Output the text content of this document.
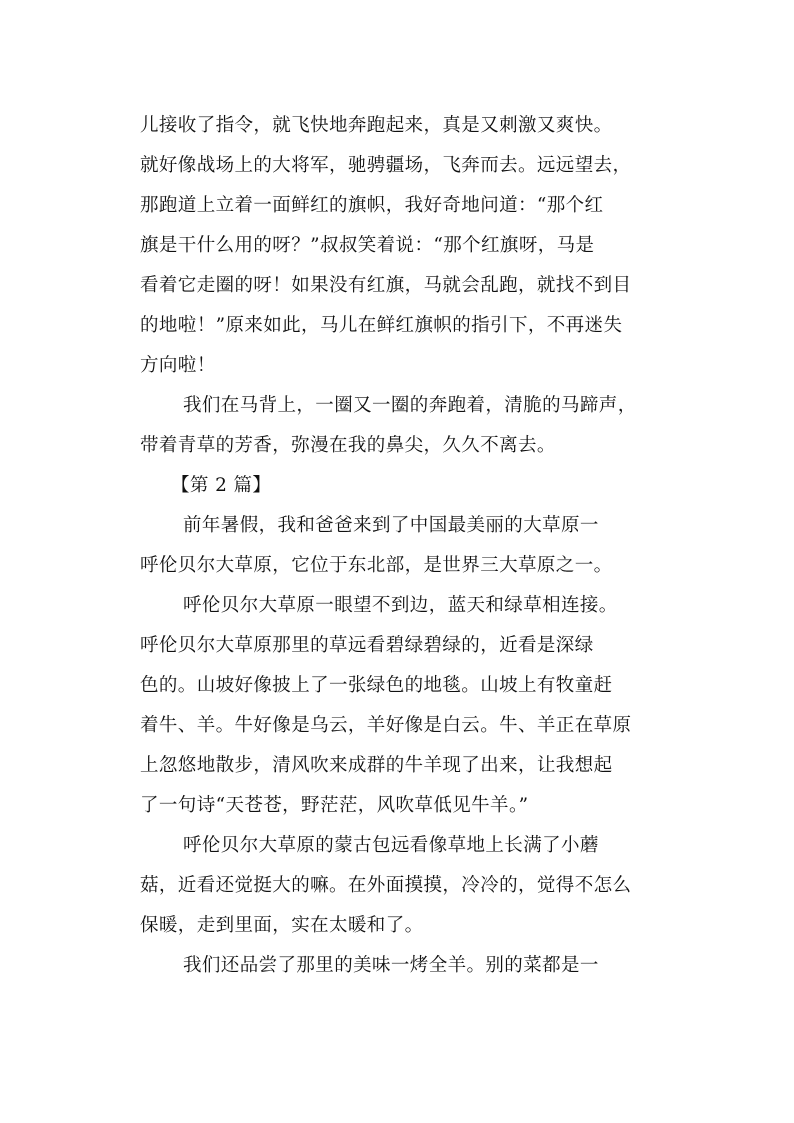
儿接收了指令，就飞快地奔跑起来，真是又刺激又爽快。
就好像战场上的大将军，驰骋疆场，飞奔而去。远远望去，
那跑道上立着一面鲜红的旗帜，我好奇地问道：“那个红
旗是干什么用的呀？”叔叔笑着说：“那个红旗呀，马是
看着它走圈的呀！如果没有红旗，马就会乱跑，就找不到目
的地啦！”原来如此，马儿在鲜红旗帜的指引下，不再迷失
方向啦！
我们在马背上，一圈又一圈的奔跑着，清脆的马蹄声，
带着青草的芳香，弥漫在我的鼻尖，久久不离去。
【第 2 篇】
前年暑假，我和爸爸来到了中国最美丽的大草原一
呼伦贝尔大草原，它位于东北部，是世界三大草原之一。
呼伦贝尔大草原一眼望不到边，蓝天和绿草相连接。
呼伦贝尔大草原那里的草远看碧绿碧绿的，近看是深绿
色的。山坡好像披上了一张绿色的地毯。山坡上有牧童赶
着牛、羊。牛好像是乌云，羊好像是白云。牛、羊正在草原
上忽悠地散步，清风吹来成群的牛羊现了出来，让我想起
了一句诗“天苍苍，野茫茫，风吹草低见牛羊。”
呼伦贝尔大草原的蒙古包远看像草地上长满了小蘑
菇，近看还觉挺大的嘛。在外面摸摸，冷冷的，觉得不怎么
保暖，走到里面，实在太暖和了。
我们还品尝了那里的美味一烤全羊。别的菜都是一
